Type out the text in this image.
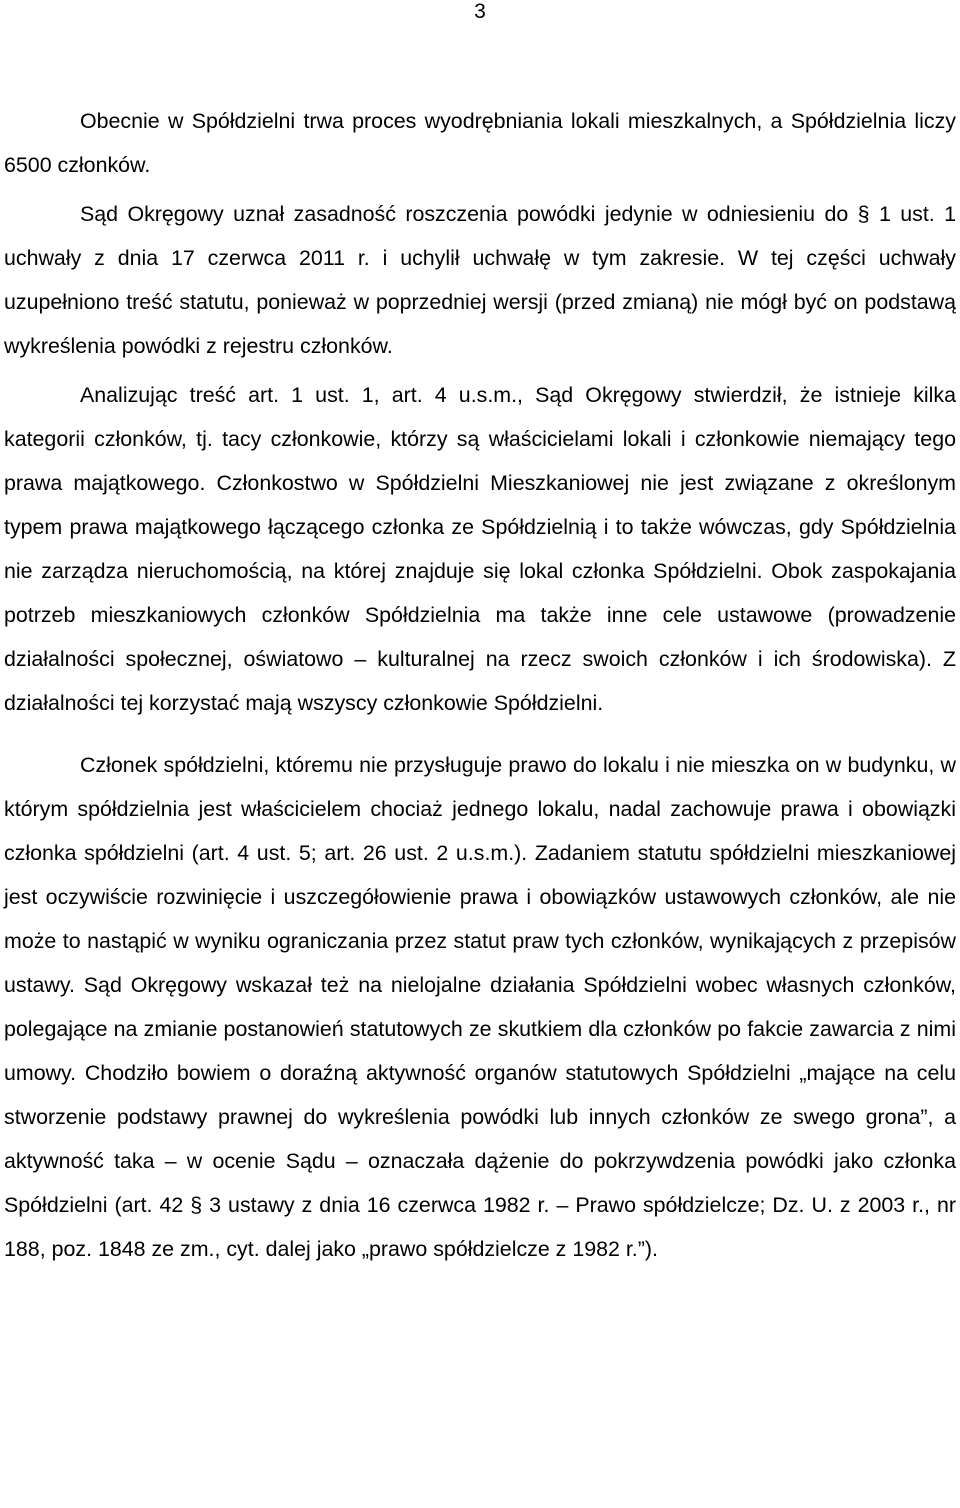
3

Obecnie w Spółdzielni trwa proces wyodrębniania lokali mieszkalnych, a Spółdzielnia liczy 6500 członków.

Sąd Okręgowy uznał zasadność roszczenia powódki jedynie w odniesieniu do § 1 ust. 1 uchwały z dnia 17 czerwca 2011 r. i uchylił uchwałę w tym zakresie. W tej części uchwały uzupełniono treść statutu, ponieważ w poprzedniej wersji (przed zmianą) nie mógł być on podstawą wykreślenia powódki z rejestru członków.

Analizując treść art. 1 ust. 1, art. 4 u.s.m., Sąd Okręgowy stwierdził, że istnieje kilka kategorii członków, tj. tacy członkowie, którzy są właścicielami lokali i członkowie niemający tego prawa majątkowego. Członkostwo w Spółdzielni Mieszkaniowej nie jest związane z określonym typem prawa majątkowego łączącego członka ze Spółdzielnią i to także wówczas, gdy Spółdzielnia nie zarządza nieruchomością, na której znajduje się lokal członka Spółdzielni. Obok zaspokajania potrzeb mieszkaniowych członków Spółdzielnia ma także inne cele ustawowe (prowadzenie działalności społecznej, oświatowo – kulturalnej na rzecz swoich członków i ich środowiska). Z działalności tej korzystać mają wszyscy członkowie Spółdzielni.

Członek spółdzielni, któremu nie przysługuje prawo do lokalu i nie mieszka on w budynku, w którym spółdzielnia jest właścicielem chociaż jednego lokalu, nadal zachowuje prawa i obowiązki członka spółdzielni (art. 4 ust. 5; art. 26 ust. 2 u.s.m.). Zadaniem statutu spółdzielni mieszkaniowej jest oczywiście rozwinięcie i uszczegółowienie prawa i obowiązków ustawowych członków, ale nie może to nastąpić w wyniku ograniczania przez statut praw tych członków, wynikających z przepisów ustawy. Sąd Okręgowy wskazał też na nielojalne działania Spółdzielni wobec własnych członków, polegające na zmianie postanowień statutowych ze skutkiem dla członków po fakcie zawarcia z nimi umowy. Chodziło bowiem o doraźną aktywność organów statutowych Spółdzielni „mające na celu stworzenie podstawy prawnej do wykreślenia powódki lub innych członków ze swego grona”, a aktywność taka – w ocenie Sądu – oznaczała dążenie do pokrzywdzenia powódki jako członka Spółdzielni (art. 42 § 3 ustawy z dnia 16 czerwca 1982 r. – Prawo spółdzielcze; Dz. U. z 2003 r., nr 188, poz. 1848 ze zm., cyt. dalej jako „prawo spółdzielcze z 1982 r.”).
